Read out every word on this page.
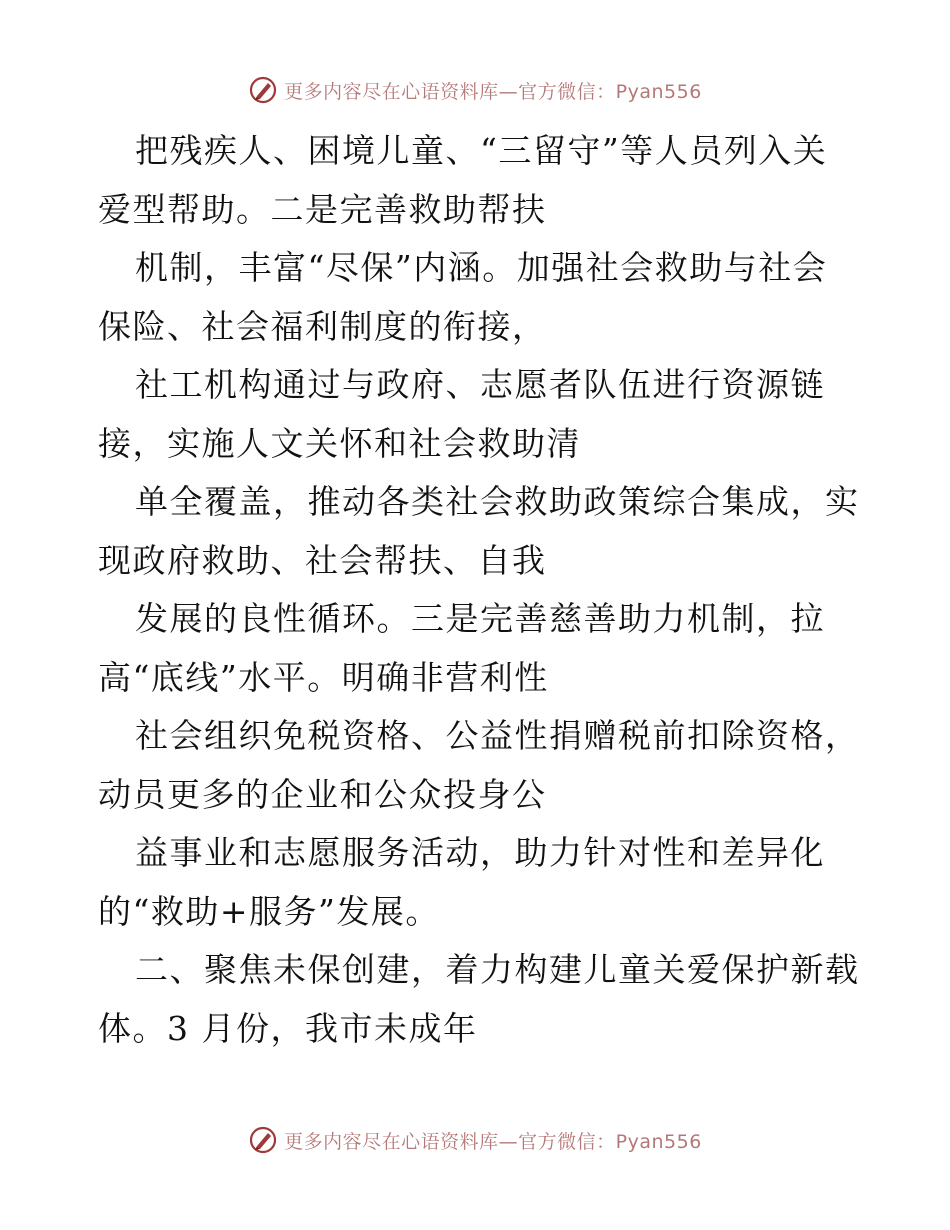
更多内容尽在心语资料库—官方微信：Pyan556
把残疾人、困境儿童、“三留守”等人员列入关
爱型帮助。二是完善救助帮扶
机制，丰富“尽保”内涵。加强社会救助与社会
保险、社会福利制度的衔接，
社工机构通过与政府、志愿者队伍进行资源链
接，实施人文关怀和社会救助清
单全覆盖，推动各类社会救助政策综合集成，实
现政府救助、社会帮扶、自我
发展的良性循环。三是完善慈善助力机制，拉
高“底线”水平。明确非营利性
社会组织免税资格、公益性捐赠税前扣除资格，
动员更多的企业和公众投身公
益事业和志愿服务活动，助力针对性和差异化
的“救助+服务”发展。
二、聚焦未保创建，着力构建儿童关爱保护新载
体。3 月份，我市未成年
更多内容尽在心语资料库—官方微信：Pyan556
